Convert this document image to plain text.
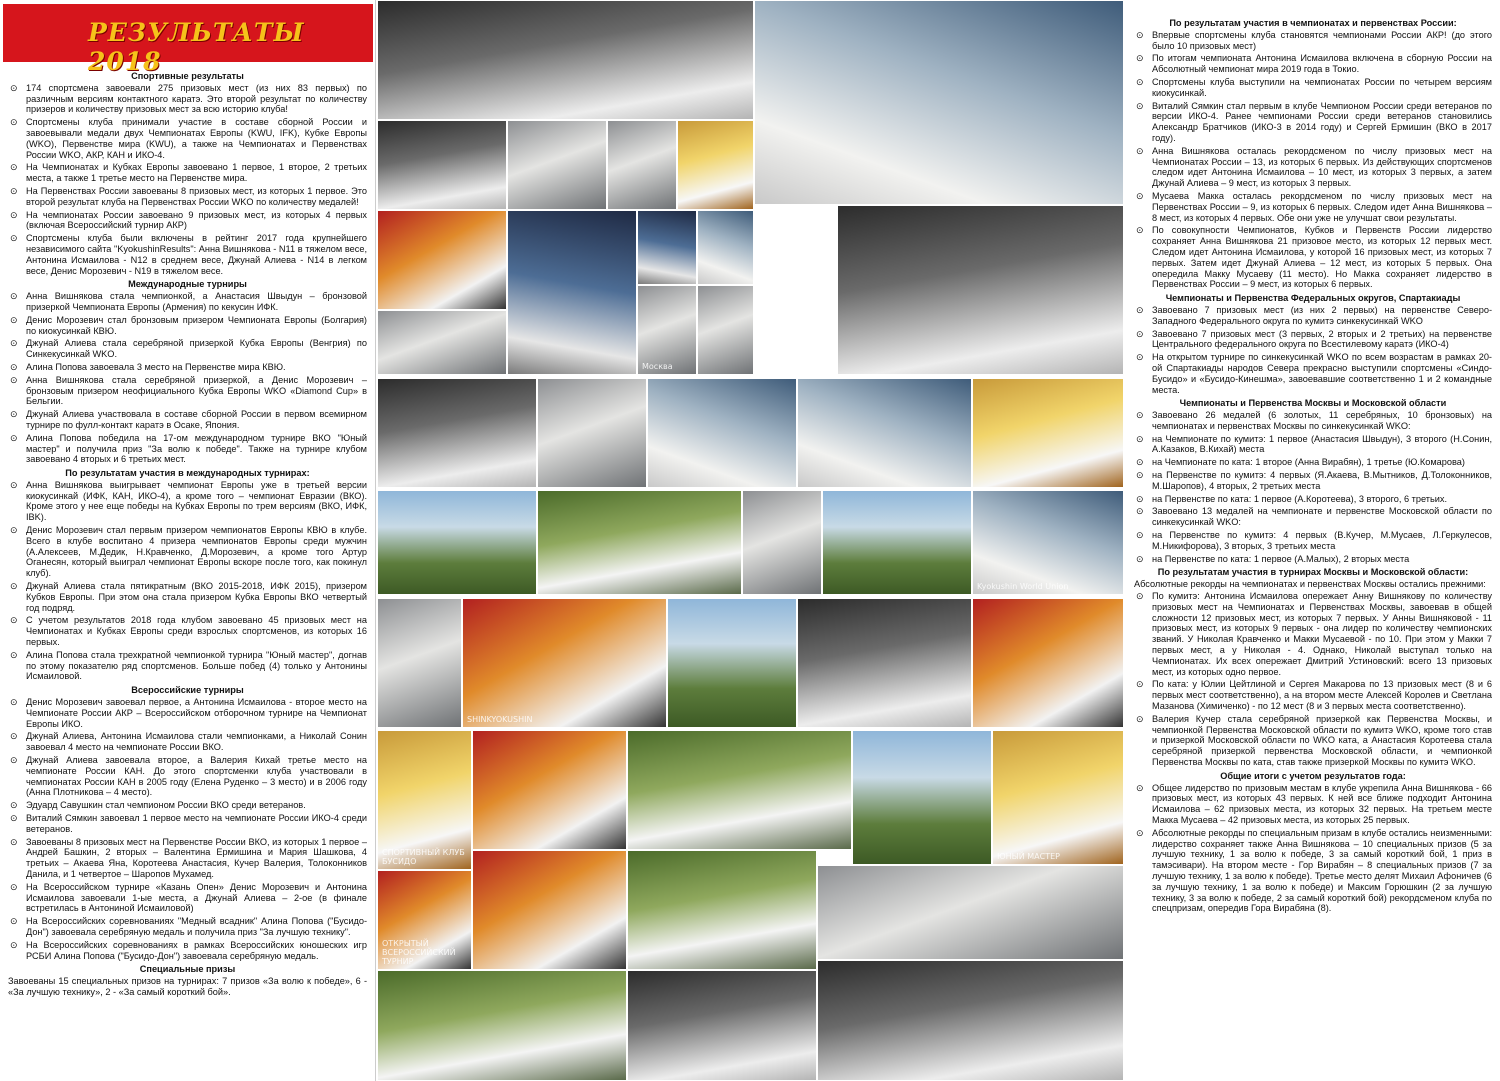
РЕЗУЛЬТАТЫ 2018
Спортивные результаты
⊙ 174 спортсмена завоевали 275 призовых мест (из них 83 первых) по различным версиям контактного каратэ. Это второй результат по количеству призеров и количеству призовых мест за всю историю клуба!
⊙ Спортсмены клуба принимали участие в составе сборной России и завоевывали медали двух Чемпионатах Европы (KWU, IFK), Кубке Европы (WKO), Первенстве мира (KWU), а также на Чемпионатах и Первенствах России WKO, АКР, КАН и ИКО-4.
⊙ На Чемпионатах и Кубках Европы завоевано 1 первое, 1 второе, 2 третьих места, а также 1 третье место на Первенстве мира.
⊙ На Первенствах России завоеваны 8 призовых мест, из которых 1 первое. Это второй результат клуба на Первенствах России WKO по количеству медалей!
⊙ На чемпионатах России завоевано 9 призовых мест, из которых 4 первых (включая Всероссийский турнир АКР)
⊙ Спортсмены клуба были включены в рейтинг 2017 года крупнейшего независимого сайта "KyokushinResults": Анна Вишнякова - N11 в тяжелом весе, Антонина Исмаилова - N12 в среднем весе, Джунай Алиева - N14 в легком весе, Денис Морозевич - N19 в тяжелом весе.
Международные турниры
⊙ Анна Вишнякова стала чемпионкой, а Анастасия Швыдун – бронзовой призеркой Чемпионата Европы (Армения) по кекусин ИФК.
⊙ Денис Морозевич стал бронзовым призером Чемпионата Европы (Болгария) по киокусинкай КВЮ.
⊙ Джунай Алиева стала серебряной призеркой Кубка Европы (Венгрия) по Синкекусинкай WKO.
⊙ Алина Попова завоевала 3 место на Первенстве мира КВЮ.
⊙ Анна Вишнякова стала серебряной призеркой, а Денис Морозевич – бронзовым призером неофициального Кубка Европы WKO «Diamond Cup» в Бельгии.
⊙ Джунай Алиева участвовала в составе сборной России в первом всемирном турнире по фулл-контакт каратэ в Осаке, Япония.
⊙ Алина Попова победила на 17-ом международном турнире ВКО "Юный мастер" и получила приз "За волю к победе". Также на турнире клубом завоевано 4 вторых и 6 третьих мест.
По результатам участия в международных турнирах:
⊙ Анна Вишнякова выигрывает чемпионат Европы уже в третьей версии киокусинкай (ИФК, КАН, ИКО-4), а кроме того – чемпионат Евразии (ВКО). Кроме этого у нее еще победы на Кубках Европы по трем версиям (ВКО, ИФК, IBK).
⊙ Денис Морозевич стал первым призером чемпионатов Европы КВЮ в клубе. Всего в клубе воспитано 4 призера чемпионатов Европы среди мужчин (А.Алексеев, М.Дедик, Н.Кравченко, Д.Морозевич, а кроме того Артур Оганесян, который выиграл чемпионат Европы вскоре после того, как покинул клуб).
⊙ Джунай Алиева стала пятикратным (ВКО 2015-2018, ИФК 2015), призером Кубков Европы. При этом она стала призером Кубка Европы ВКО четвертый год подряд.
⊙ С учетом результатов 2018 года клубом завоевано 45 призовых мест на Чемпионатах и Кубках Европы среди взрослых спортсменов, из которых 16 первых.
⊙ Алина Попова стала трехкратной чемпионкой турнира "Юный мастер", догнав по этому показателю ряд спортсменов. Больше побед (4) только у Антонины Исмаиловой.
Всероссийские турниры
⊙ Денис Морозевич завоевал первое, а Антонина Исмаилова - второе место на Чемпионате России АКР – Всероссийском отборочном турнире на Чемпионат Европы ИКО.
⊙ Джунай Алиева, Антонина Исмаилова стали чемпионками, а Николай Сонин завоевал 4 место на чемпионате России ВКО.
⊙ Джунай Алиева завоевала второе, а Валерия Кихай третье место на чемпионате России КАН. До этого спортсменки клуба участвовали в чемпионатах России КАН в 2005 году (Елена Руденко – 3 место) и в 2006 году (Анна Плотникова – 4 место).
⊙ Эдуард Савушкин стал чемпионом России ВКО среди ветеранов.
⊙ Виталий Сямкин завоевал 1 первое место на чемпионате России ИКО-4 среди ветеранов.
⊙ Завоеваны 8 призовых мест на Первенстве России ВКО, из которых 1 первое – Андрей Башкин, 2 вторых – Валентина Ермишина и Мария Шашкова, 4 третьих – Акаева Яна, Коротеева Анастасия, Кучер Валерия, Толоконников Данила, и 1 четвертое – Шаропов Мухамед.
⊙ На Всероссийском турнире «Казань Опен» Денис Морозевич и Антонина Исмаилова завоевали 1-ые места, а Джунай Алиева – 2-ое (в финале встретилась в Антониной Исмаиловой)
⊙ На Всероссийских соревнованиях "Медный всадник" Алина Попова ("Бусидо-Дон") завоевала серебряную медаль и получила приз "За лучшую технику".
⊙ На Всероссийских соревнованиях в рамках Всероссийских юношеских игр РСБИ Алина Попова ("Бусидо-Дон") завоевала серебряную медаль.
Специальные призы
Завоеваны 15 специальных призов на турнирах: 7 призов «За волю к победе», 6 - «За лучшую технику», 2 - «За самый короткий бой».
Москва
Kyokushin World Union
SHINKYOKUSHIN
СПОРТИВНЫЙ КЛУБ БУСИДО
ЮНЫЙ МАСТЕР
ОТКРЫТЫЙ ВСЕРОССИЙСКИЙ ТУРНИР
По результатам участия в чемпионатах и первенствах России:
⊙ Впервые спортсмены клуба становятся чемпионами России АКР! (до этого было 10 призовых мест)
⊙ По итогам чемпионата Антонина Исмаилова включена в сборную России на Абсолютный чемпионат мира 2019 года в Токио.
⊙ Спортсмены клуба выступили на чемпионатах России по четырем версиям киокусинкай.
⊙ Виталий Сямкин стал первым в клубе Чемпионом России среди ветеранов по версии ИКО-4. Ранее чемпионами России среди ветеранов становились Александр Братчиков (ИКО-3 в 2014 году) и Сергей Ермишин (ВКО в 2017 году).
⊙ Анна Вишнякова осталась рекордсменом по числу призовых мест на Чемпионатах России – 13, из которых 6 первых. Из действующих спортсменов следом идет Антонина Исмаилова – 10 мест, из которых 3 первых, а затем Джунай Алиева – 9 мест, из которых 3 первых.
⊙ Мусаева Макка осталась рекордсменом по числу призовых мест на Первенствах России – 9, из которых 6 первых. Следом идет Анна Вишнякова – 8 мест, из которых 4 первых. Обе они уже не улучшат свои результаты.
⊙ По совокупности Чемпионатов, Кубков и Первенств России лидерство сохраняет Анна Вишнякова 21 призовое место, из которых 12 первых мест. Следом идет Антонина Исмаилова, у которой 16 призовых мест, из которых 7 первых. Затем идет Джунай Алиева – 12 мест, из которых 5 первых. Она опередила Макку Мусаеву (11 место). Но Макка сохраняет лидерство в Первенствах России – 9 мест, из которых 6 первых.
Чемпионаты и Первенства Федеральных округов, Спартакиады
⊙ Завоевано 7 призовых мест (из них 2 первых) на первенстве Северо-Западного Федерального округа по кумитэ синкекусинкай WKO
⊙ Завоевано 7 призовых мест (3 первых, 2 вторых и 2 третьих) на первенстве Центрального федерального округа по Всестилевому каратэ (ИКО-4)
⊙ На открытом турнире по синкекусинкай WKO по всем возрастам в рамках 20-ой Спартакиады народов Севера прекрасно выступили спортсмены «Синдо-Бусидо» и «Бусидо-Кинешма», завоевавшие соответственно 1 и 2 командные места.
Чемпионаты и Первенства Москвы и Московской области
⊙ Завоевано 26 медалей (6 золотых, 11 серебряных, 10 бронзовых) на чемпионатах и первенствах Москвы по синкекусинкай WKO:
⊙ на Чемпионате по кумитэ: 1 первое (Анастасия Швыдун), 3 второго (Н.Сонин, А.Казаков, В.Кихай) места
⊙ на Чемпионате по ката: 1 второе (Анна Вирабян), 1 третье (Ю.Комарова)
⊙ на Первенстве по кумитэ: 4 первых (Я.Акаева, В.Мытников, Д.Толоконников, М.Шаропов), 4 вторых, 2 третьих места
⊙ на Первенстве по ката: 1 первое (А.Коротеева), 3 второго, 6 третьих.
⊙ Завоевано 13 медалей на чемпионате и первенстве Московской области по синкекусинкай WKO:
⊙ на Первенстве по кумитэ: 4 первых (В.Кучер, М.Мусаев, Л.Геркулесов, М.Никифорова), 3 вторых, 3 третьих места
⊙ на Первенстве по ката: 1 первое (А.Малых), 2 вторых места
По результатам участия в турнирах Москвы и Московской области:
Абсолютные рекорды на чемпионатах и первенствах Москвы остались прежними:
⊙ По кумитэ: Антонина Исмаилова опережает Анну Вишнякову по количеству призовых мест на Чемпионатах и Первенствах Москвы, завоевав в общей сложности 12 призовых мест, из которых 7 первых. У Анны Вишняковой - 11 призовых мест, из которых 9 первых - она лидер по количеству чемпионских званий. У Николая Кравченко и Макки Мусаевой - по 10. При этом у Макки 7 первых мест, а у Николая - 4. Однако, Николай выступал только на Чемпионатах. Их всех опережает Дмитрий Устиновский: всего 13 призовых мест, из которых одно первое.
⊙ По ката: у Юлии Цейтлиной и Сергея Макарова по 13 призовых мест (8 и 6 первых мест соответственно), а на втором месте Алексей Королев и Светлана Мазанова (Химиченко) - по 12 мест (8 и 3 первых места соответственно).
⊙ Валерия Кучер стала серебряной призеркой как Первенства Москвы, и чемпионкой Первенства Московской области по кумитэ WKO, кроме того став и призеркой Московской области по WKO ката, а Анастасия Коротеева стала серебряной призеркой первенства Московской области, и чемпионкой Первенства Москвы по ката, став также призеркой Москвы по кумитэ WKO.
Общие итоги с учетом результатов года:
⊙ Общее лидерство по призовым местам в клубе укрепила Анна Вишнякова - 66 призовых мест, из которых 43 первых. К ней все ближе подходит Антонина Исмаилова – 62 призовых места, из которых 32 первых. На третьем месте Макка Мусаева – 42 призовых места, из которых 25 первых.
⊙ Абсолютные рекорды по специальным призам в клубе остались неизменными: лидерство сохраняет также Анна Вишнякова – 10 специальных призов (5 за лучшую технику, 1 за волю к победе, 3 за самый короткий бой, 1 приз в тамэсивари). На втором месте - Гор Вирабян – 8 специальных призов (7 за лучшую технику, 1 за волю к победе). Третье место делят Михаил Афоничев (6 за лучшую технику, 1 за волю к победе) и Максим Горюшкин (2 за лучшую технику, 3 за волю к победе, 2 за самый короткий бой) рекордсменом клуба по спецпризам, опередив Гора Вирабяна (8).
